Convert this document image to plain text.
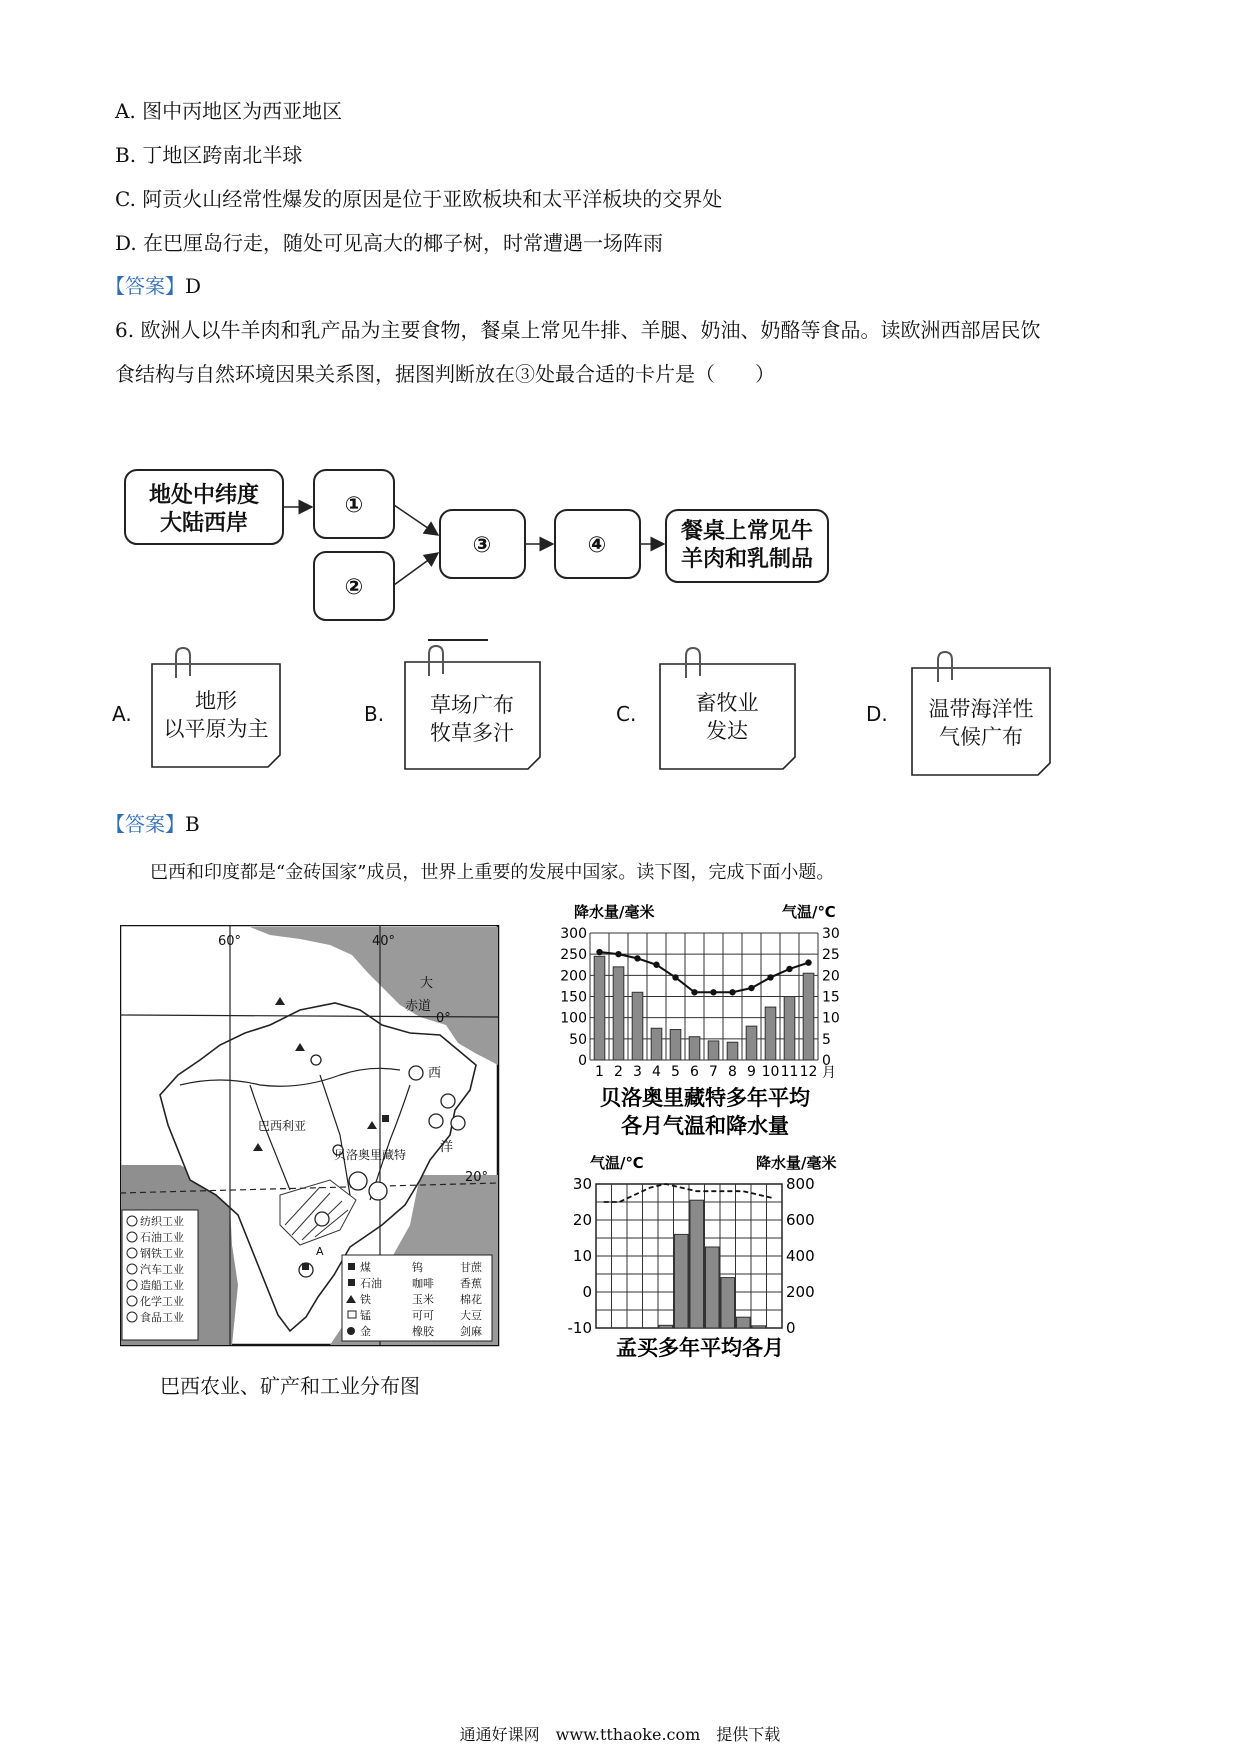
A. 图中丙地区为西亚地区
B. 丁地区跨南北半球
C. 阿贡火山经常性爆发的原因是位于亚欧板块和太平洋板块的交界处
D. 在巴厘岛行走，随处可见高大的椰子树，时常遭遇一场阵雨
【答案】D
6. 欧洲人以牛羊肉和乳产品为主要食物，餐桌上常见牛排、羊腿、奶油、奶酪等食品。读欧洲西部居民饮
食结构与自然环境因果关系图，据图判断放在③处最合适的卡片是（　　）
地处中纬度
大陆西岸
①
②
③	④
餐桌上常见牛
羊肉和乳制品
A.	B.	C.	D.
地形
以平原为主
草场广布
牧草多汁
畜牧业
发达
温带海洋性
气候广布
【答案】B
巴西和印度都是“金砖国家”成员，世界上重要的发展中国家。读下图，完成下面小题。
60°	40°
赤道
0°
大
西
洋
20°
巴西利亚
贝洛奥里藏特
A
纺织工业
石油工业
钢铁工业
汽车工业
造船工业
化学工业
食品工业
煤	钨	甘蔗
石油	咖啡 香蕉
铁	玉米 棉花
锰	可可 大豆
金	橡胶 剑麻
巴西农业、矿产和工业分布图
降水量/毫米	气温/℃
300
250
200
150
100
50
0
30
25
20
15
10
5
0
1 2 3 4 5 6 7 8 9 10 11 12 月
贝洛奥里藏特多年平均
各月气温和降水量
气温/℃	降水量/毫米
30
20
10
0
-10
800
600
400
200
0
孟买多年平均各月
通通好课网　www.tthaoke.com　提供下载
